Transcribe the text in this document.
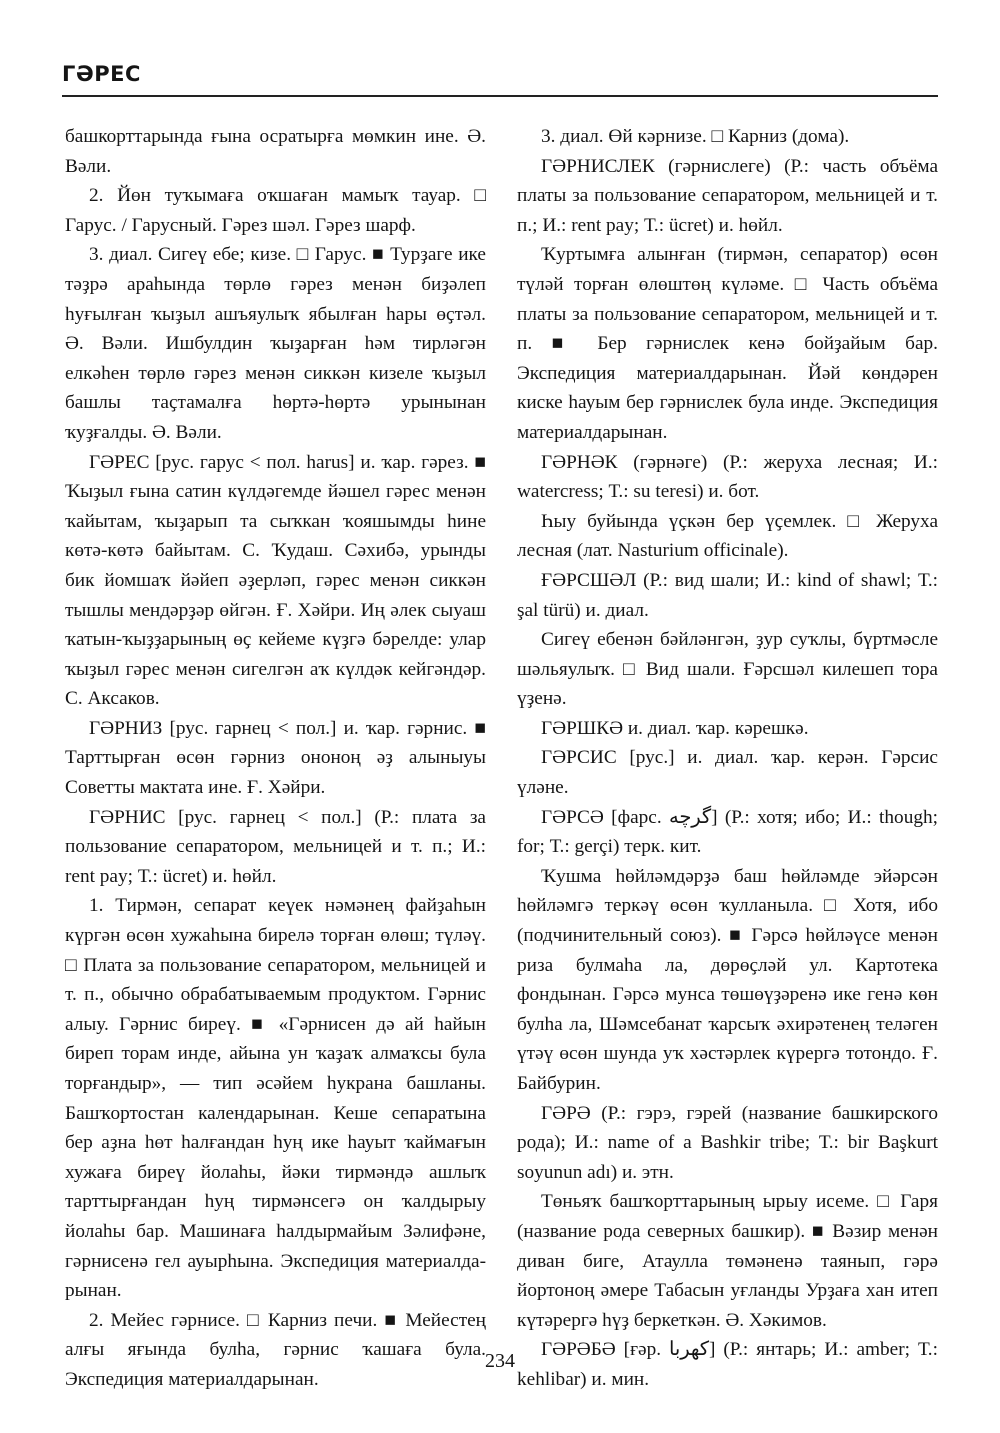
ГӘРЕС

башкорттарында ғына осратырға мөмкин ине. Ә. Вәли.

2. Йөн туҡымаға оҡшаған мамыҡ тауар. □ Гарус. / Гарусный. Гәрез шәл. Гәрез шарф.

3. диал. Сигеү ебе; кизе. □ Гарус. ■ Турҙаге ике тәҙрә араһында төрлө гәрез менән биҙәлеп һуғылған ҡыҙыл ашъяулыҡ ябылған һары өҫтәл. Ә. Вәли. Ишбулдин ҡыҙарған һәм тирләгән елкәһен төрлө гәрез менән сиккән кизеле ҡыҙыл башлы таҫтамалға һөртә-һөртә урынынан ҡуҙғалды. Ә. Вәли.

ГӘРЕС [рус. гарус < пол. harus] и. ҡар. гәрез. ■ Ҡыҙыл ғына сатин күлдәгемде йәшел гәрес менән ҡайытам, ҡыҙарып та сыҡкан ҡояшымды һине көтә-көтә байытам. С. Ҡудаш. Сәхибә, урынды бик йомшаҡ йәйеп әҙерләп, гәрес менән сиккән тышлы мендәрҙәр өйгән. Ғ. Хәйри. Иң әлек сыуаш ҡатын-ҡыҙҙарының өҫ кейеме күҙгә бәрелде: улар ҡыҙыл гәрес менән сигелгән аҡ күлдәк кейгәндәр. С. Аксаков.

ГӘРНИЗ [рус. гарнец < пол.] и. ҡар. гәрнис. ■ Тарттырған өсөн гәрниз ононоң әҙ алыныуы Советты мактата ине. Ғ. Хәйри.

ГӘРНИС [рус. гарнец < пол.] (Р.: плата за пользование сепаратором, мельницей и т. п.; И.: rent pay; Т.: ücret) и. һөйл.

1. Тирмән, сепарат кеүек нәмәнең файҙаһын күргән өсөн хужаһына бирелә торған өлөш; түләү. □ Плата за пользование сепаратором, мельницей и т. п., обычно обрабатываемым продуктом. Гәрнис алыу. Гәрнис биреү. ■ «Гәрнисен дә ай һайын биреп торам инде, айына ун ҡаҙаҡ алмаҡсы була торғандыр», — тип әсәйем һукрана башланы. Башҡортостан календарынан. Кеше сепаратына бер аҙна һөт һалғандан һуң ике һауыт ҡаймағын хужаға биреү йолаһы, йәки тирмәндә ашлыҡ тарттырғандан һуң тирмәнсегә он ҡалдырыу йолаһы бар. Машинаға һалдырмайым Зәлифәне, гәрнисенә гел ауырһына. Экспедиция материалдарынан.

2. Мейес гәрнисе. □ Карниз печи. ■ Мейестең алғы яғында булһа, гәрнис ҡашаға була. Экспедиция материалдарынан.

3. диал. Өй кәрнизе. □ Карниз (дома).

ГӘРНИСЛЕК (гәрнислеге) (Р.: часть объёма платы за пользование сепаратором, мельницей и т. п.; И.: rent pay; Т.: ücret) и. һөйл.

Ҡуртымға алынған (тирмән, сепаратор) өсөн түләй торған өлөштөң күләме. □ Часть объёма платы за пользование сепаратором, мельницей и т. п. ■ Бер гәрнислек кенә бойҙайым бар. Экспедиция материалдарынан. Йәй көндәрен киске һауым бер гәрнислек була инде. Экспедиция материалдарынан.

ГӘРНӘК (гәрнәге) (Р.: жеруха лесная; И.: watercress; Т.: su teresi) и. бот.

Һыу буйында үҫкән бер үҫемлек. □ Жеруха лесная (лат. Nasturium officinale).

ҒӘРСШӘЛ (Р.: вид шали; И.: kind of shawl; Т.: şal türü) и. диал.

Сигеү ебенән бәйләнгән, ҙур суҡлы, бүртмәсле шәльяулыҡ. □ Вид шали. Ғәрсшәл килешеп тора үҙенә.

ГӘРШКӘ и. диал. ҡар. кәрешкә.

ГӘРСИС [рус.] и. диал. ҡар. керән. Гәрсис үләне.

ГӘРСӘ [фарс. گرچه] (Р.: хотя; ибо; И.: though; for; Т.: gerçi) терк. кит.

Ҡушма һөйләмдәрҙә баш һөйләмде эйәрсән һөйләмгә теркәү өсөн ҡулланыла. □ Хотя, ибо (подчинительный союз). ■ Гәрсә һөйләүсе менән риза булмаһа ла, дөрөҫләй ул. Картотека фондынан. Гәрсә мунса төшөүҙәренә ике генә көн булһа ла, Шәмсебанат ҡарсыҡ әхирәтенең теләген үтәү өсөн шунда уҡ хәстәрлек күрергә тотондо. Ғ. Байбурин.

ГӘРӘ (Р.: гэрэ, гэрей (название башкирского рода); И.: name of a Bashkir tribe; Т.: bir Başkurt soyunun adı) и. этн.

Төньяҡ башҡорттарының ырыу исеме. □ Гаря (название рода северных башкир). ■ Вәзир менән диван биге, Атаулла төмәненә таянып, гәрә йортоноң әмере Табасын уғланды Урҙаға хан итеп күтәрергә һүҙ беркеткән. Ә. Хәкимов.

ГӘРӘБӘ [ғәр. كهربا] (Р.: янтарь; И.: amber; Т.: kehlibar) и. мин.

234
